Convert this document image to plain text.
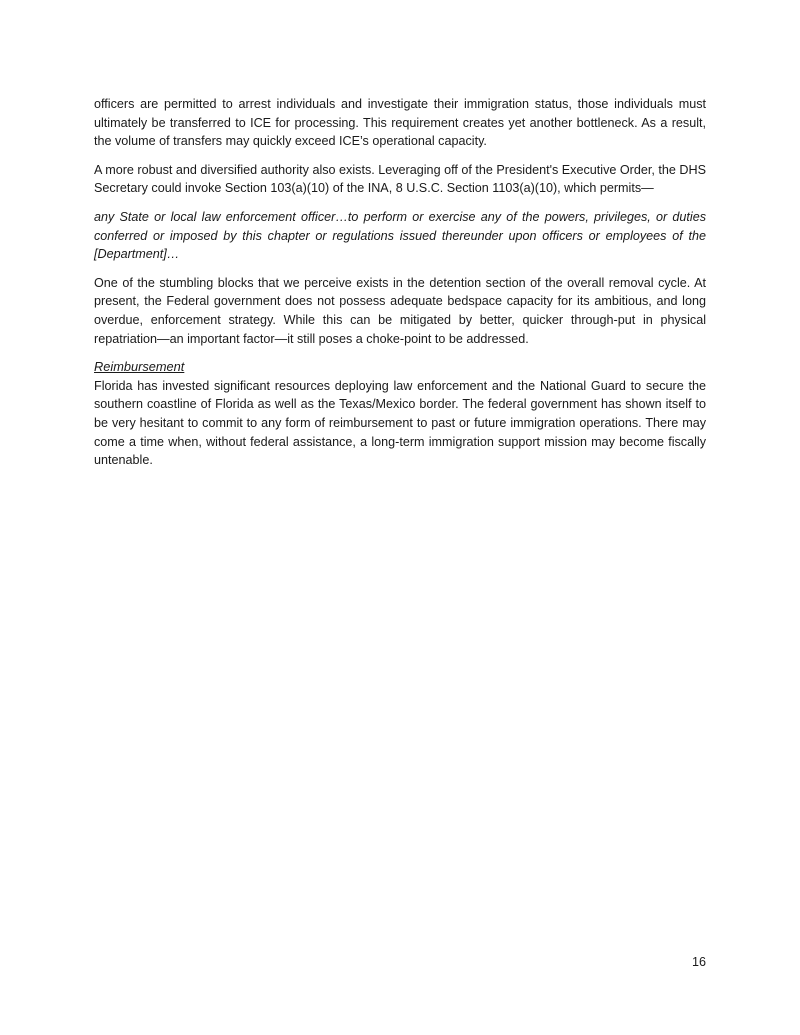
officers are permitted to arrest individuals and investigate their immigration status, those individuals must ultimately be transferred to ICE for processing. This requirement creates yet another bottleneck. As a result, the volume of transfers may quickly exceed ICE’s operational capacity.

A more robust and diversified authority also exists. Leveraging off of the President's Executive Order, the DHS Secretary could invoke Section 103(a)(10) of the INA, 8 U.S.C. Section 1103(a)(10), which permits—

any State or local law enforcement officer…to perform or exercise any of the powers, privileges, or duties conferred or imposed by this chapter or regulations issued thereunder upon officers or employees of the [Department]…

One of the stumbling blocks that we perceive exists in the detention section of the overall removal cycle. At present, the Federal government does not possess adequate bedspace capacity for its ambitious, and long overdue, enforcement strategy. While this can be mitigated by better, quicker through-put in physical repatriation—an important factor—it still poses a choke-point to be addressed.

Reimbursement

Florida has invested significant resources deploying law enforcement and the National Guard to secure the southern coastline of Florida as well as the Texas/Mexico border. The federal government has shown itself to be very hesitant to commit to any form of reimbursement to past or future immigration operations. There may come a time when, without federal assistance, a long-term immigration support mission may become fiscally untenable.

16
